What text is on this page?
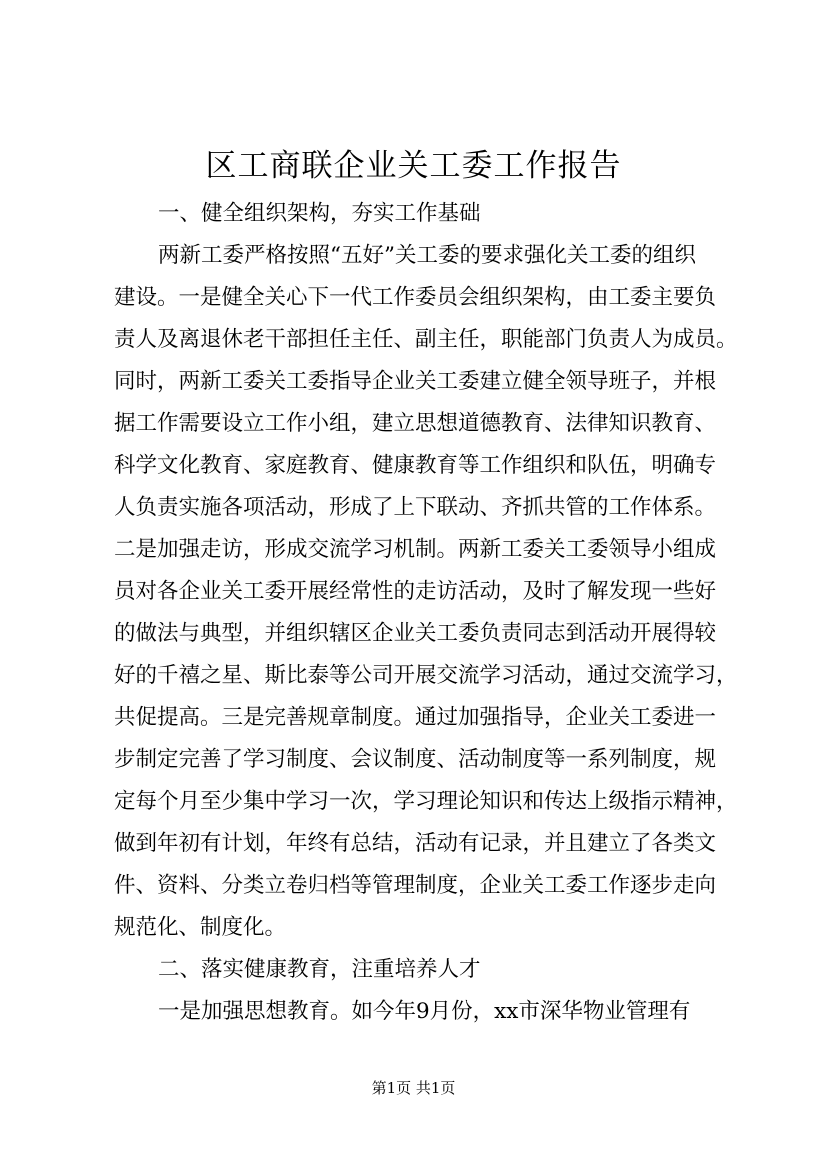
区工商联企业关工委工作报告
一、健全组织架构，夯实工作基础
两新工委严格按照“五好”关工委的要求强化关工委的组织
建设。一是健全关心下一代工作委员会组织架构，由工委主要负
责人及离退休老干部担任主任、副主任，职能部门负责人为成员。
同时，两新工委关工委指导企业关工委建立健全领导班子，并根
据工作需要设立工作小组，建立思想道德教育、法律知识教育、
科学文化教育、家庭教育、健康教育等工作组织和队伍，明确专
人负责实施各项活动，形成了上下联动、齐抓共管的工作体系。
二是加强走访，形成交流学习机制。两新工委关工委领导小组成
员对各企业关工委开展经常性的走访活动，及时了解发现一些好
的做法与典型，并组织辖区企业关工委负责同志到活动开展得较
好的千禧之星、斯比泰等公司开展交流学习活动，通过交流学习，
共促提高。三是完善规章制度。通过加强指导，企业关工委进一
步制定完善了学习制度、会议制度、活动制度等一系列制度，规
定每个月至少集中学习一次，学习理论知识和传达上级指示精神，
做到年初有计划，年终有总结，活动有记录，并且建立了各类文
件、资料、分类立卷归档等管理制度，企业关工委工作逐步走向
规范化、制度化。
二、落实健康教育，注重培养人才
一是加强思想教育。如今年9月份，xx市深华物业管理有
第1页 共1页
